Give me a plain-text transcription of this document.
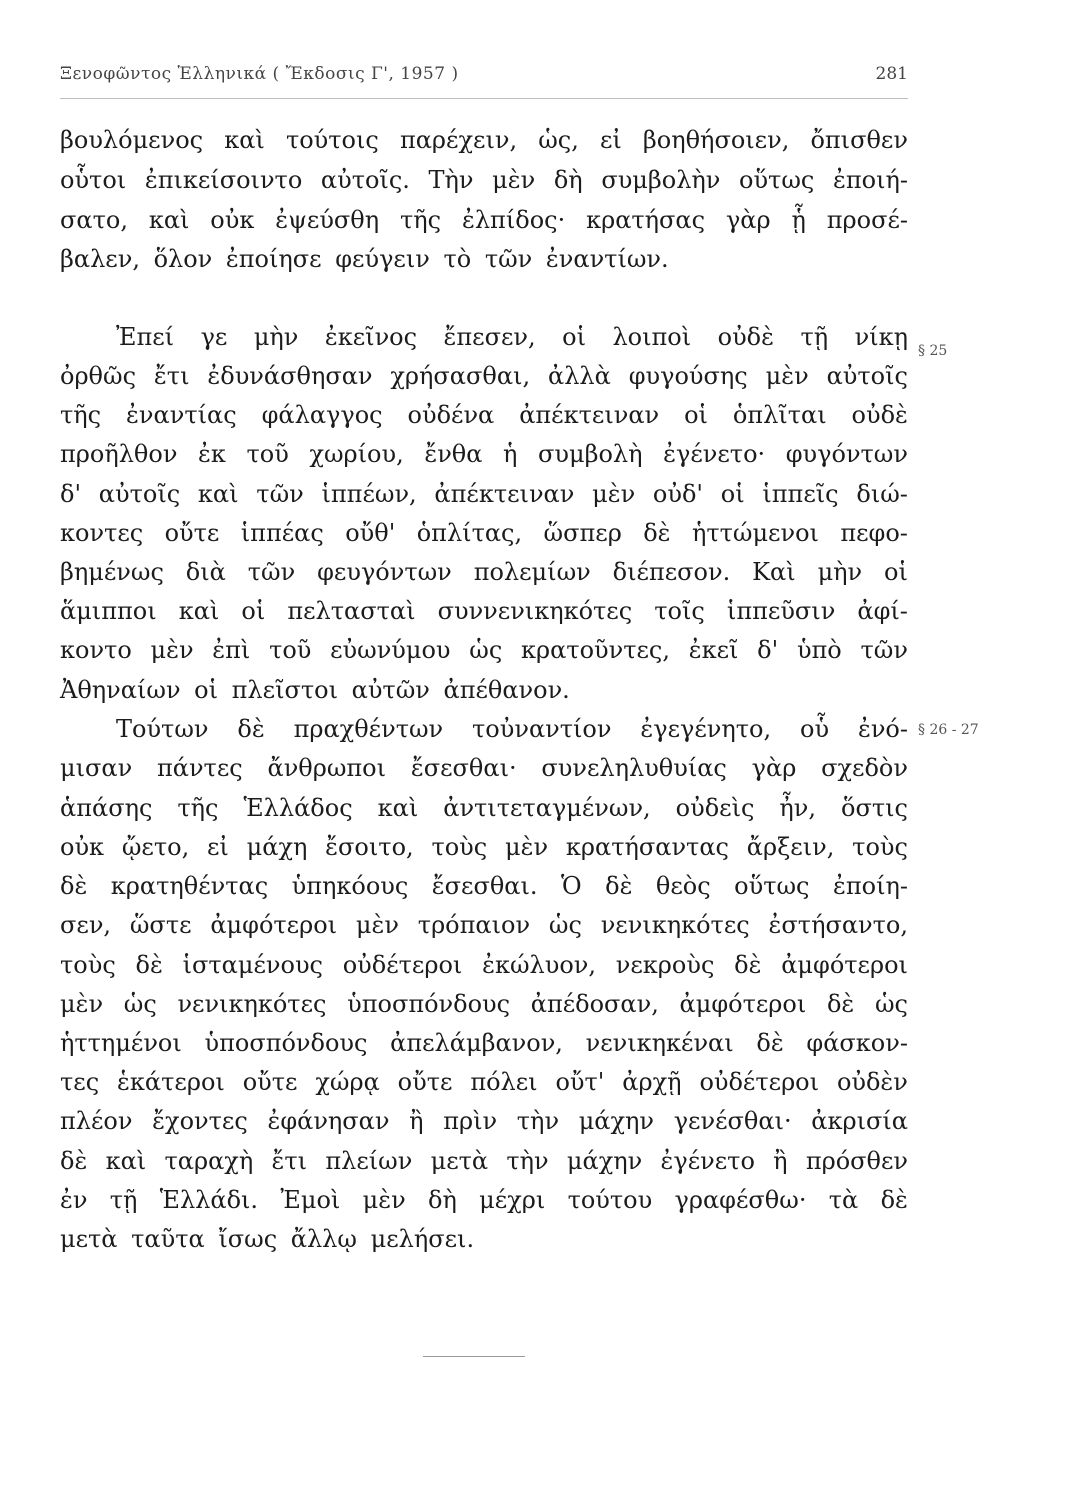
Ξενοφῶντος Ἑλληνικά ( Ἔκδοσις Γ', 1957 )	281
βουλόμενος καὶ τούτοις παρέχειν, ὡς, εἰ βοηθήσοιεν, ὄπισθεν
οὗτοι ἐπικείσοιντο αὐτοῖς. Τὴν μὲν δὴ συμβολὴν οὕτως ἐποιή-
σατο, καὶ οὐκ ἐψεύσθη τῆς ἐλπίδος· κρατήσας γὰρ ᾗ προσέ-
βαλεν, ὅλον ἐποίησε φεύγειν τὸ τῶν ἐναντίων.
Ἐπεί γε μὴν ἐκεῖνος ἔπεσεν, οἱ λοιποὶ οὐδὲ τῇ νίκῃ
ὀρθῶς ἔτι ἐδυνάσθησαν χρήσασθαι, ἀλλὰ φυγούσης μὲν αὐτοῖς
τῆς ἐναντίας φάλαγγος οὐδένα ἀπέκτειναν οἱ ὁπλῖται οὐδὲ
προῆλθον ἐκ τοῦ χωρίου, ἔνθα ἡ συμβολὴ ἐγένετο· φυγόντων
δ' αὐτοῖς καὶ τῶν ἱππέων, ἀπέκτειναν μὲν οὐδ' οἱ ἱππεῖς διώ-
κοντες οὔτε ἱππέας οὔθ' ὁπλίτας, ὥσπερ δὲ ἡττώμενοι πεφο-
βημένως διὰ τῶν φευγόντων πολεμίων διέπεσον. Καὶ μὴν οἱ
ἅμιπποι καὶ οἱ πελτασταὶ συννενικηκότες τοῖς ἱππεῦσιν ἀφί-
κοντο μὲν ἐπὶ τοῦ εὐωνύμου ὡς κρατοῦντες, ἐκεῖ δ' ὑπὸ τῶν
Ἀθηναίων οἱ πλεῖστοι αὐτῶν ἀπέθανον.
Τούτων δὲ πραχθέντων τοὐναντίον ἐγεγένητο, οὗ ἐνό-
μισαν πάντες ἄνθρωποι ἔσεσθαι· συνεληλυθυίας γὰρ σχεδὸν
ἁπάσης τῆς Ἑλλάδος καὶ ἀντιτεταγμένων, οὐδεὶς ἦν, ὅστις
οὐκ ᾤετο, εἰ μάχη ἔσοιτο, τοὺς μὲν κρατήσαντας ἄρξειν, τοὺς
δὲ κρατηθέντας ὑπηκόους ἔσεσθαι. Ὁ δὲ θεὸς οὕτως ἐποίη-
σεν, ὥστε ἀμφότεροι μὲν τρόπαιον ὡς νενικηκότες ἐστήσαντο,
τοὺς δὲ ἱσταμένους οὐδέτεροι ἐκώλυον, νεκροὺς δὲ ἀμφότεροι
μὲν ὡς νενικηκότες ὑποσπόνδους ἀπέδοσαν, ἀμφότεροι δὲ ὡς
ἡττημένοι ὑποσπόνδους ἀπελάμβανον, νενικηκέναι δὲ φάσκον-
τες ἑκάτεροι οὔτε χώρᾳ οὔτε πόλει οὔτ' ἀρχῇ οὐδέτεροι οὐδὲν
πλέον ἔχοντες ἐφάνησαν ἢ πρὶν τὴν μάχην γενέσθαι· ἀκρισία
δὲ καὶ ταραχὴ ἔτι πλείων μετὰ τὴν μάχην ἐγένετο ἢ πρόσθεν
ἐν τῇ Ἑλλάδι. Ἐμοὶ μὲν δὴ μέχρι τούτου γραφέσθω· τὰ δὲ
μετὰ ταῦτα ἴσως ἄλλῳ μελήσει.
§ 25
§ 26 - 27
